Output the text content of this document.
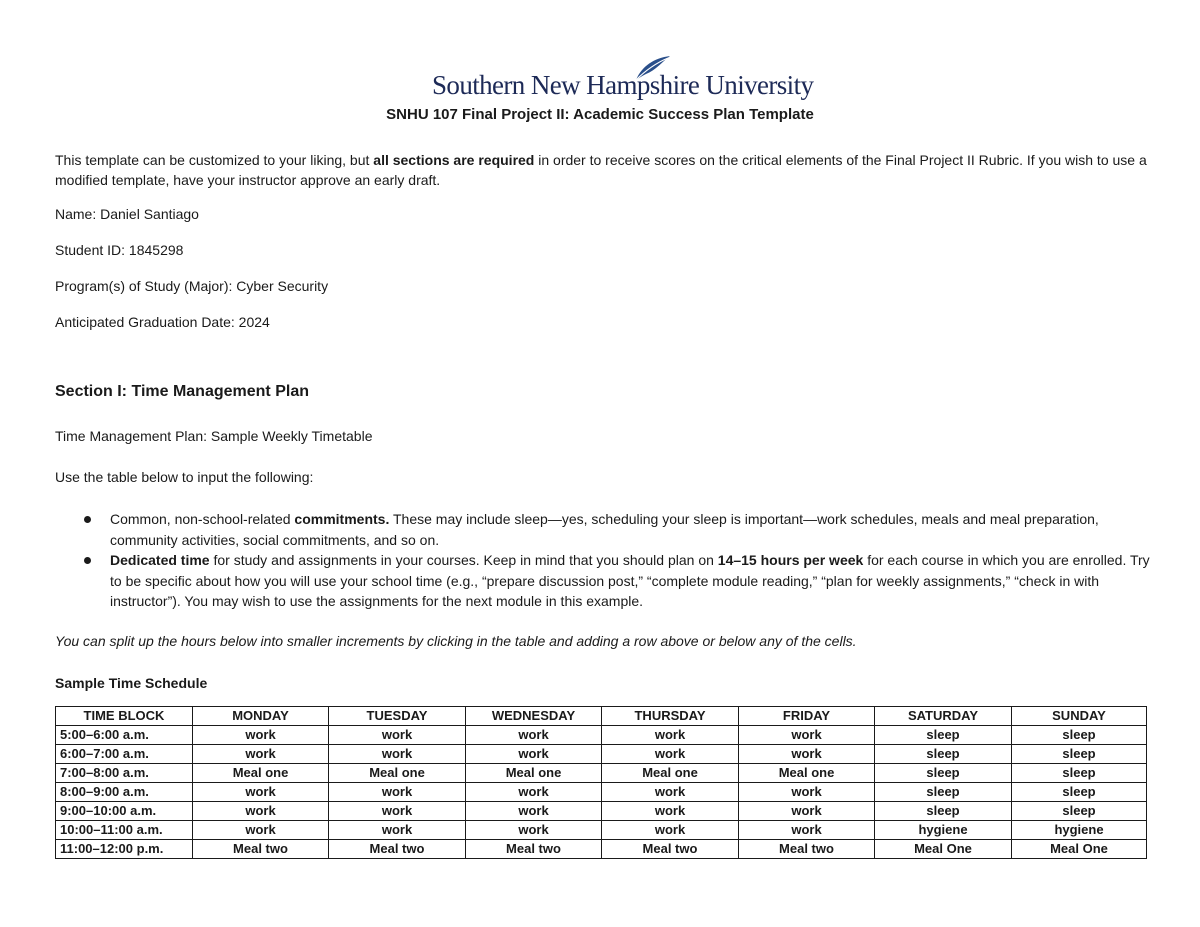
Southern New Hampshire University
SNHU 107 Final Project II: Academic Success Plan Template
This template can be customized to your liking, but all sections are required in order to receive scores on the critical elements of the Final Project II Rubric. If you wish to use a modified template, have your instructor approve an early draft.
Name: Daniel Santiago
Student ID: 1845298
Program(s) of Study (Major): Cyber Security
Anticipated Graduation Date: 2024
Section I: Time Management Plan
Time Management Plan: Sample Weekly Timetable
Use the table below to input the following:
Common, non-school-related commitments. These may include sleep—yes, scheduling your sleep is important—work schedules, meals and meal preparation, community activities, social commitments, and so on.
Dedicated time for study and assignments in your courses. Keep in mind that you should plan on 14–15 hours per week for each course in which you are enrolled. Try to be specific about how you will use your school time (e.g., “prepare discussion post,” “complete module reading,” “plan for weekly assignments,” “check in with instructor”). You may wish to use the assignments for the next module in this example.
You can split up the hours below into smaller increments by clicking in the table and adding a row above or below any of the cells.
Sample Time Schedule
TIME BLOCK	MONDAY	TUESDAY	WEDNESDAY	THURSDAY	FRIDAY	SATURDAY	SUNDAY
5:00–6:00 a.m.	work	work	work	work	work	sleep	sleep
6:00–7:00 a.m.	work	work	work	work	work	sleep	sleep
7:00–8:00 a.m.	Meal one	Meal one	Meal one	Meal one	Meal one	sleep	sleep
8:00–9:00 a.m.	work	work	work	work	work	sleep	sleep
9:00–10:00 a.m.	work	work	work	work	work	sleep	sleep
10:00–11:00 a.m.	work	work	work	work	work	hygiene	hygiene
11:00–12:00 p.m.	Meal two	Meal two	Meal two	Meal two	Meal two	Meal One	Meal One
